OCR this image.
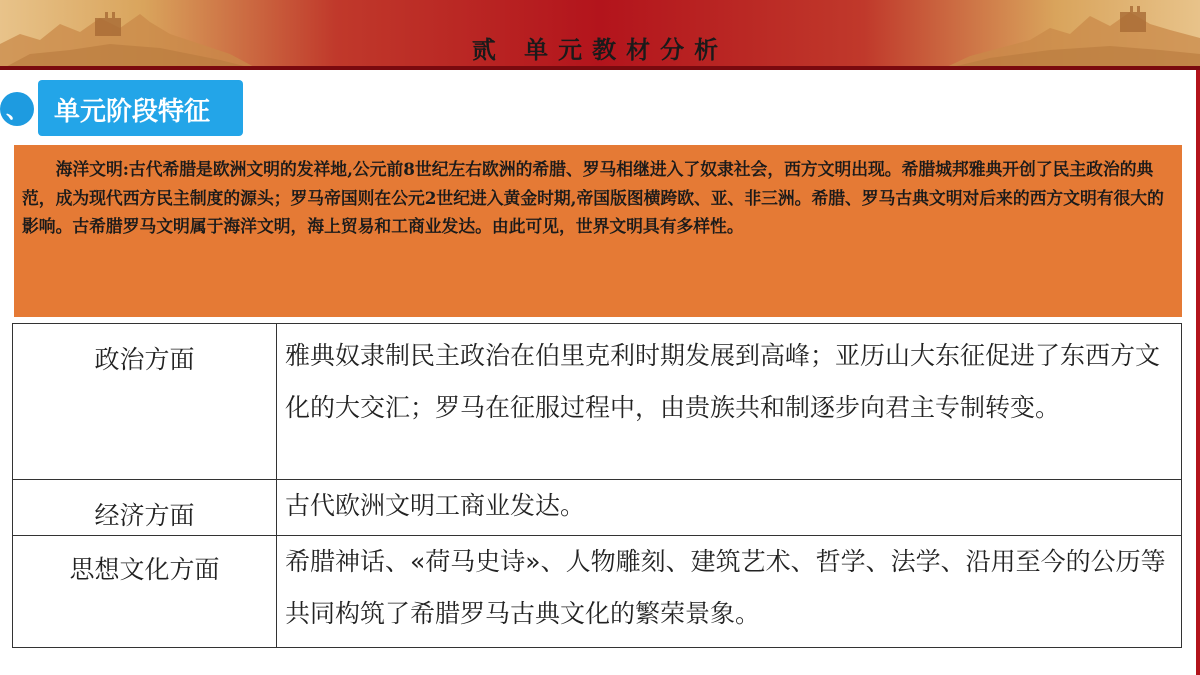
贰 单元教材分析
、 单元阶段特征

海洋文明:古代希腊是欧洲文明的发祥地,公元前8世纪左右欧洲的希腊、罗马相继进入了奴隶社会，西方文明出现。希腊城邦雅典开创了民主政治的典范，成为现代西方民主制度的源头；罗马帝国则在公元2世纪进入黄金时期,帝国版图横跨欧、亚、非三洲。希腊、罗马古典文明对后来的西方文明有很大的影响。古希腊罗马文明属于海洋文明，海上贸易和工商业发达。由此可见，世界文明具有多样性。

政治方面	雅典奴隶制民主政治在伯里克利时期发展到高峰；亚历山大东征促进了东西方文化的大交汇；罗马在征服过程中，由贵族共和制逐步向君主专制转变。
经济方面	古代欧洲文明工商业发达。
思想文化方面	希腊神话、«荷马史诗»、人物雕刻、建筑艺术、哲学、法学、沿用至今的公历等共同构筑了希腊罗马古典文化的繁荣景象。
